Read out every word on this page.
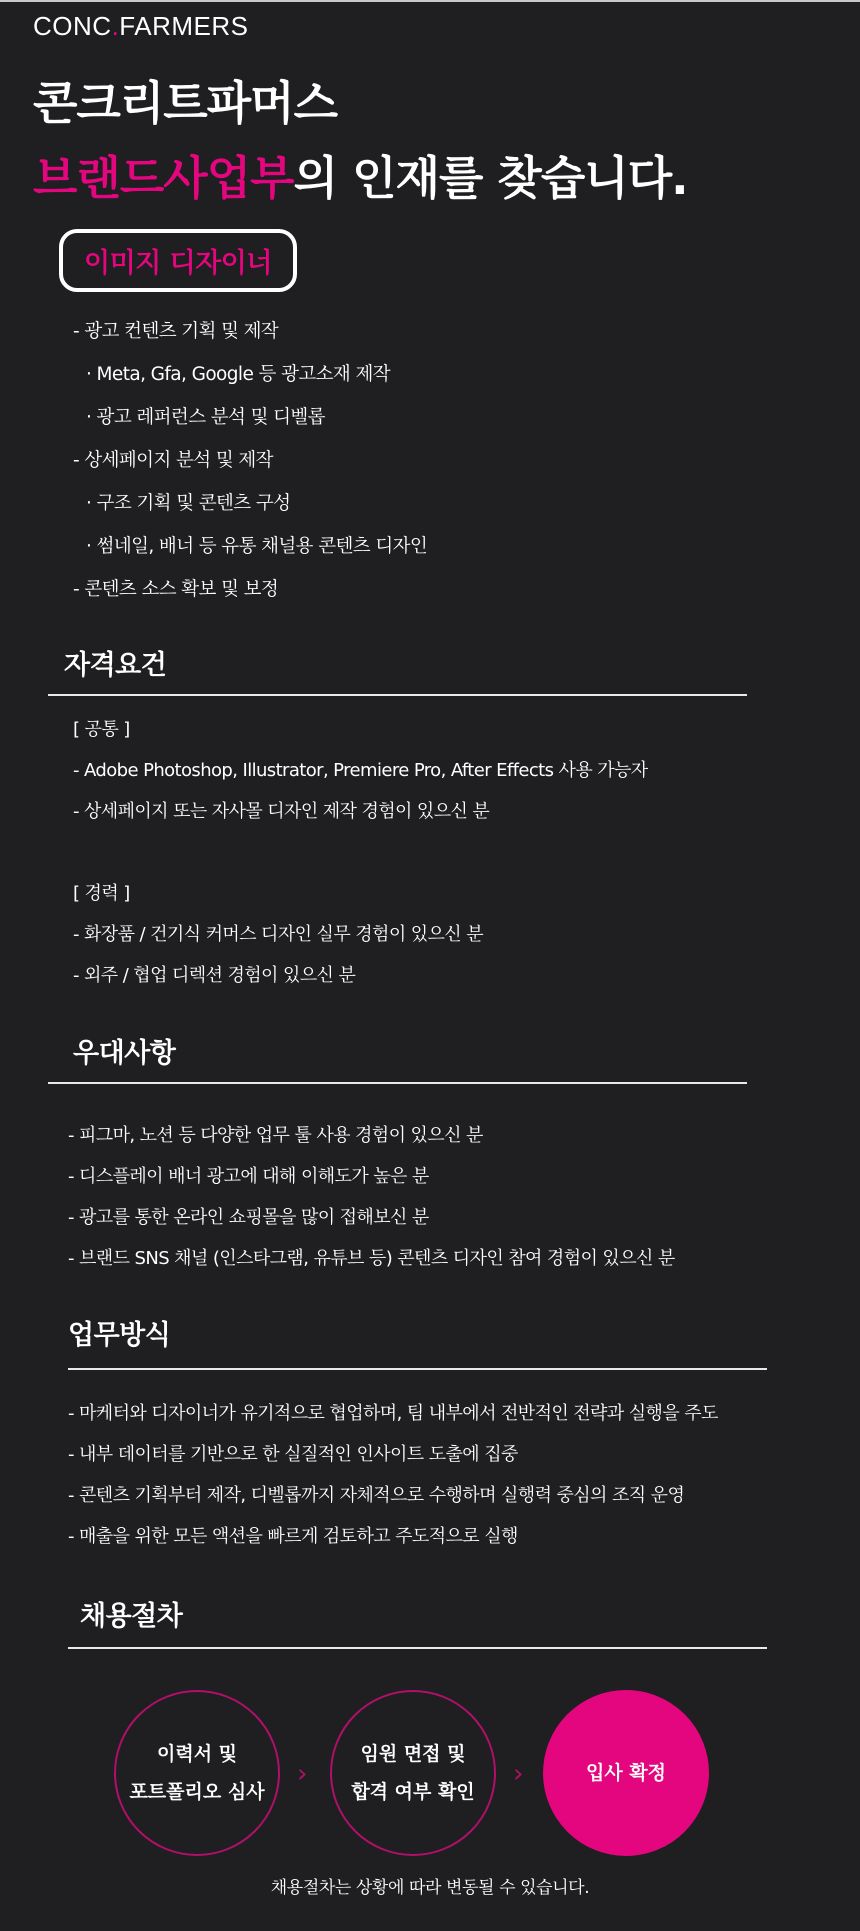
CONC.FARMERS
콘크리트파머스
브랜드사업부의 인재를 찾습니다.
이미지 디자이너
- 광고 컨텐츠 기획 및 제작
· Meta, Gfa, Google 등 광고소재 제작
· 광고 레퍼런스 분석 및 디벨롭
- 상세페이지 분석 및 제작
· 구조 기획 및 콘텐츠 구성
· 썸네일, 배너 등 유통 채널용 콘텐츠 디자인
- 콘텐츠 소스 확보 및 보정
자격요건
[ 공통 ]
- Adobe Photoshop, Illustrator, Premiere Pro, After Effects 사용 가능자
- 상세페이지 또는 자사몰 디자인 제작 경험이 있으신 분
[ 경력 ]
- 화장품 / 건기식 커머스 디자인 실무 경험이 있으신 분
- 외주 / 협업 디렉션 경험이 있으신 분
우대사항
- 피그마, 노션 등 다양한 업무 툴 사용 경험이 있으신 분
- 디스플레이 배너 광고에 대해 이해도가 높은 분
- 광고를 통한 온라인 쇼핑몰을 많이 접해보신 분
- 브랜드 SNS 채널 (인스타그램, 유튜브 등) 콘텐츠 디자인 참여 경험이 있으신 분
업무방식
- 마케터와 디자이너가 유기적으로 협업하며, 팀 내부에서 전반적인 전략과 실행을 주도
- 내부 데이터를 기반으로 한 실질적인 인사이트 도출에 집중
- 콘텐츠 기획부터 제작, 디벨롭까지 자체적으로 수행하며 실행력 중심의 조직 운영
- 매출을 위한 모든 액션을 빠르게 검토하고 주도적으로 실행
채용절차
이력서 및
포트폴리오 심사
›
임원 면접 및
합격 여부 확인
›	입사 확정
채용절차는 상황에 따라 변동될 수 있습니다.
